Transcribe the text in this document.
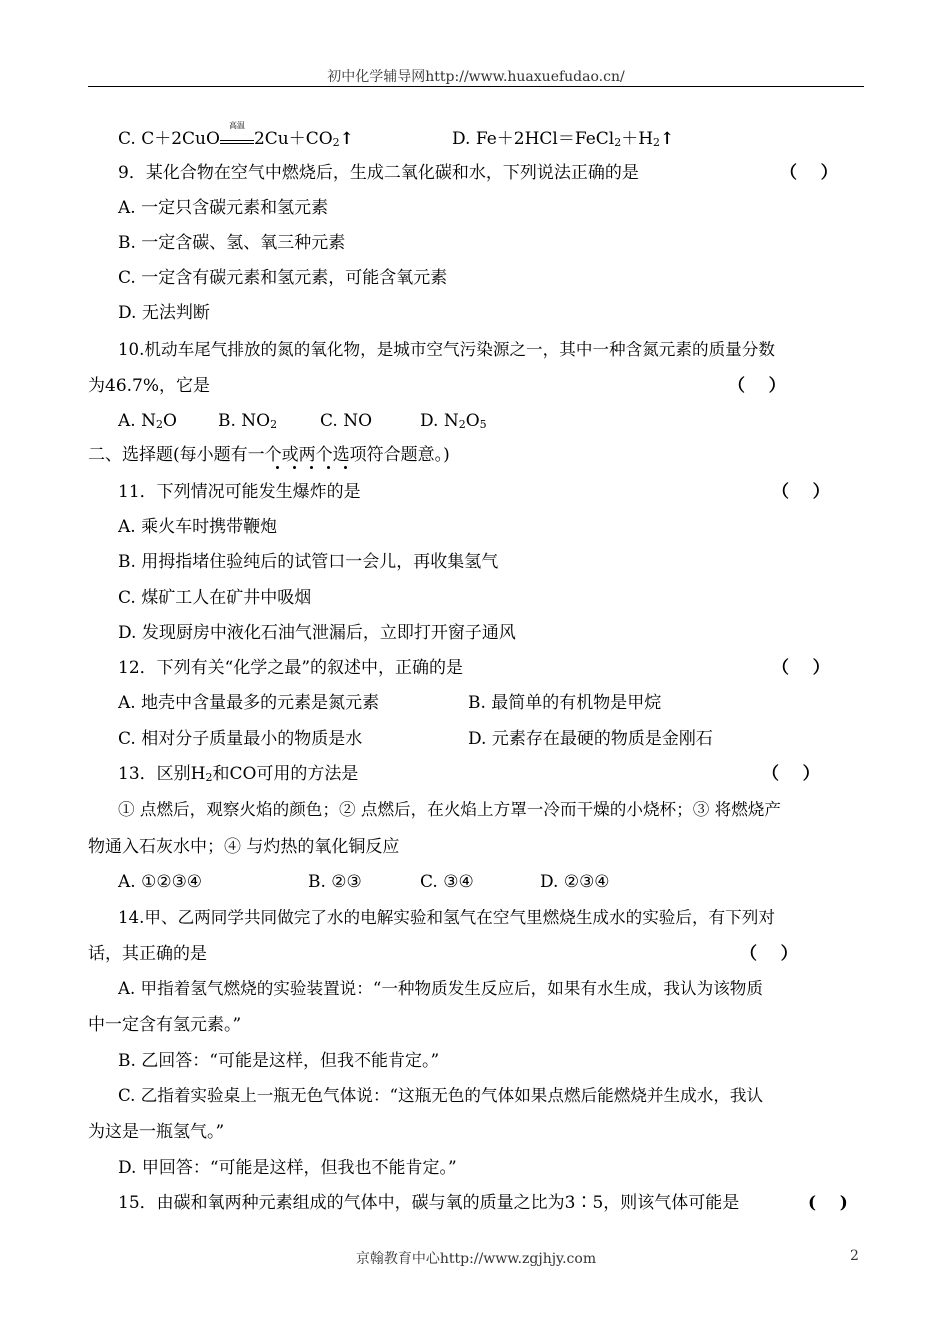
初中化学辅导网http://www.huaxuefudao.cn/
C. C＋2CuO
高温
$2Cu+CO_2↑$	D. $Fe+2HCl=FeCl_2+H_2↑$
9．某化合物在空气中燃烧后，生成二氧化碳和水，下列说法正确的是	（    ）
A. 一定只含碳元素和氢元素
B. 一定含碳、氢、氧三种元素
C. 一定含有碳元素和氢元素，可能含氧元素
D. 无法判断
10.机动车尾气排放的氮的氧化物，是城市空气污染源之一，其中一种含氮元素的质量分数
为46.7%，它是	（    ）
A. $N_2O$ B. $NO_2$	C. NO	D. $N_2O_5$
二、选择题(每小题有一个或两个选项符合题意。)
11．下列情况可能发生爆炸的是	（    ）
A. 乘火车时携带鞭炮
B. 用拇指堵住验纯后的试管口一会儿，再收集氢气
C. 煤矿工人在矿井中吸烟
D. 发现厨房中液化石油气泄漏后，立即打开窗子通风
12．下列有关“化学之最”的叙述中，正确的是	（    ）
A. 地壳中含量最多的元素是氮元素	B. 最简单的有机物是甲烷
C. 相对分子质量最小的物质是水	D. 元素存在最硬的物质是金刚石
13．区别$H_2$和CO可用的方法是	（    ）
① 点燃后，观察火焰的颜色；② 点燃后，在火焰上方罩一冷而干燥的小烧杯；③ 将燃烧产
物通入石灰水中；④ 与灼热的氧化铜反应
A. ①②③④	B. ②③	C. ③④	D. ②③④
14.甲、乙两同学共同做完了水的电解实验和氢气在空气里燃烧生成水的实验后，有下列对
话，其正确的是	（    ）
A. 甲指着氢气燃烧的实验装置说：“一种物质发生反应后，如果有水生成，我认为该物质
中一定含有氢元素。”
B. 乙回答：“可能是这样，但我不能肯定。”
C. 乙指着实验桌上一瓶无色气体说：“这瓶无色的气体如果点燃后能燃烧并生成水，我认
为这是一瓶氢气。”
D. 甲回答：“可能是这样，但我也不能肯定。”
15．由碳和氧两种元素组成的气体中，碳与氧的质量之比为3∶5，则该气体可能是	(    )
京翰教育中心http://www.zgjhjy.com	2
